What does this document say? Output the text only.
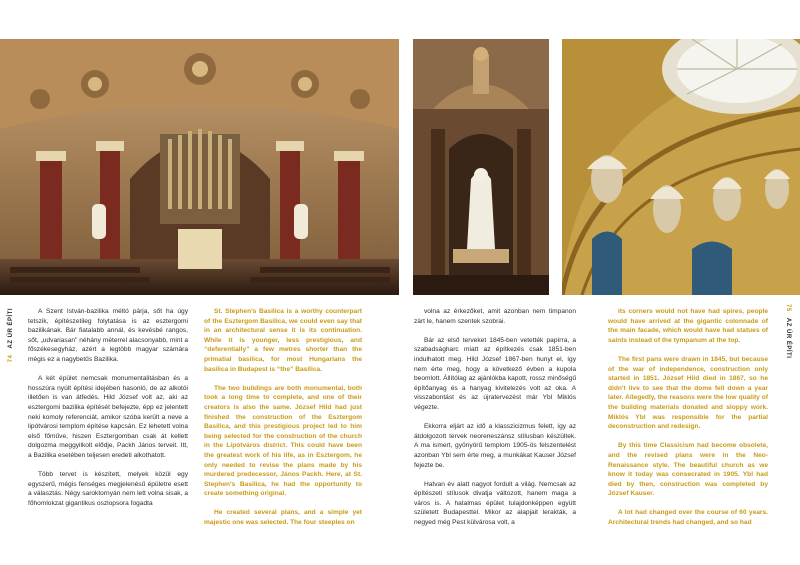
74 AZ ÚR ÉPÍTI
75 AZ ÚR ÉPÍTI

A Szent István-bazilika méltó párja, sőt ha úgy tetszik, építészetileg folytatása is az esztergomi bazilikának. Bár fiatalabb annál, és kevésbé rangos, sőt, „udvariasan” néhány méterrel alacsonyabb, mint a főszékesegyház, azért a legtöbb magyar számára mégis ez a nagybetűs Bazilika.

A két épület nemcsak monumentalitásban és a hosszúra nyúlt építési idejében hasonló, de az alkotói illetően is van átfedés. Hild József volt az, aki az esztergomi bazilika építését befejezte, épp ez jelentett neki komoly referenciát, amikor szóba került a neve a lipótvárosi templom építése kapcsán. Ez lehetett volna első főműve, hiszen Esztergomban csak át kellett dolgozma meggyilkolt elődje, Packh János terveit. Itt, a Bazilika esetében teljesen eredeti alkothatott.

Több tervet is készített, melyek közül egy egyszerű, mégis fenséges megjelenésű épületre esett a választás. Négy saroktornyán nem lett volna sisak, a főhomlokzat gigantikus oszlopsora fogadta

St. Stephen's Basilica is a worthy counterpart of the Esztergom Basilica, we could even say that in an architectural sense it is its continuation. While it is younger, less prestigious, and “deferentially” a few metres shorter than the primatial basilica, for most Hungarians the basilica in Budapest is “the” Basilica.

The two buildings are both monumental, both took a long time to complete, and one of their creators is also the same. József Hild had just finished the construction of the Esztergom Basilica, and this prestigious project led to him being selected for the construction of the church in the Lipótváros district. This could have been the greatest work of his life, as in Esztergom, he only needed to revise the plans made by his murdered predecessor, János Packh. Here, at St. Stephen's Basilica, he had the opportunity to create something original.

He created several plans, and a simple yet majestic one was selected. The four steeples on

volna az érkezőket, amit azonban nem timpanon zárt le, hanem szentek szobrai.

Bár az első terveket 1845-ben vetették papírra, a szabadságharc miatt az építkezés csak 1851-ben indulhatott meg. Hild József 1867-ben hunyt el, így nem érte meg, hogy a következő évben a kupola beomlott. Állítólag az ajánlókba kapott, rossz minőségű építőanyag és a hanyag kivitelezés volt az oka. A visszabontást és az újratervezést már Ybl Miklós végezte.

Ekkorra eljárt az idő a klasszicizmus felett, így az átdolgozott tervek neoreneszánsz stílusban készültek. A ma ismert, gyönyörű templom 1905-ös felszentelést azonban Ybl sem érte meg, a munkákat Kauser József fejezte be.

Hatvan év alatt nagyot fordult a világ. Nemcsak az építészeti stílusok divatja változott, hanem maga a város is. A hatalmas épület tulajdonképpen együtt született Budapesttel. Mikor az alapjait lerakták, a negyed még Pest külvárosa volt, a

its corners would not have had spires, people would have arrived at the gigantic colonnade of the main facade, which would have had statues of saints instead of the tympanum at the top.

The first pans were drawn in 1845, but because of the war of independence, construction only started in 1851. József Hild died in 1867, so he didn't live to see that the dome fell down a year later. Allegedly, the reasons were the low quality of the building materials donated and sloppy work. Miklós Ybl was responsible for the partial deconstruction and redesign.

By this time Classicism had become obsolete, and the revised plans were in the Neo-Renaissance style. The beautiful church as we know it today was consecrated in 1905. Ybl had died by then, construction was completed by József Kauser.

A lot had changed over the course of 60 years. Architectural trends had changed, and so had
